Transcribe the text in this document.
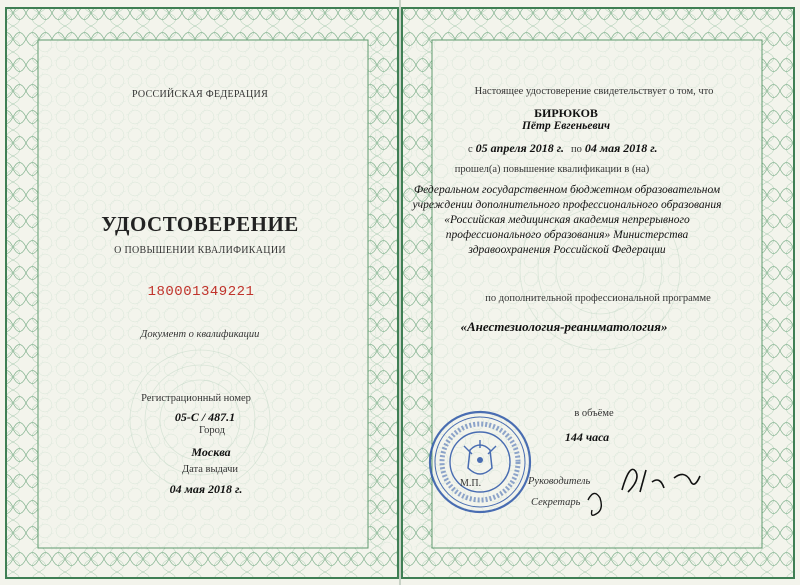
РОССИЙСКАЯ ФЕДЕРАЦИЯ
УДОСТОВЕРЕНИЕ
О ПОВЫШЕНИИ КВАЛИФИКАЦИИ
180001349221
Документ о квалификации
Регистрационный номер
05-С / 487.1
Город
Москва
Дата выдачи
04 мая 2018 г.
Настоящее удостоверение свидетельствует о том, что
БИРЮКОВ
Пётр Евгеньевич
с 05 апреля 2018 г. по 04 мая 2018 г.
прошел(а) повышение квалификации в (на)
Федеральном государственном бюджетном образовательном
учреждении дополнительного профессионального образования
«Российская медицинская академия непрерывного
профессионального образования» Министерства
здравоохранения Российской Федерации
по дополнительной профессиональной программе
«Анестезиология-реаниматология»
в объёме
144 часа
М.П.	Руководитель
Секретарь
